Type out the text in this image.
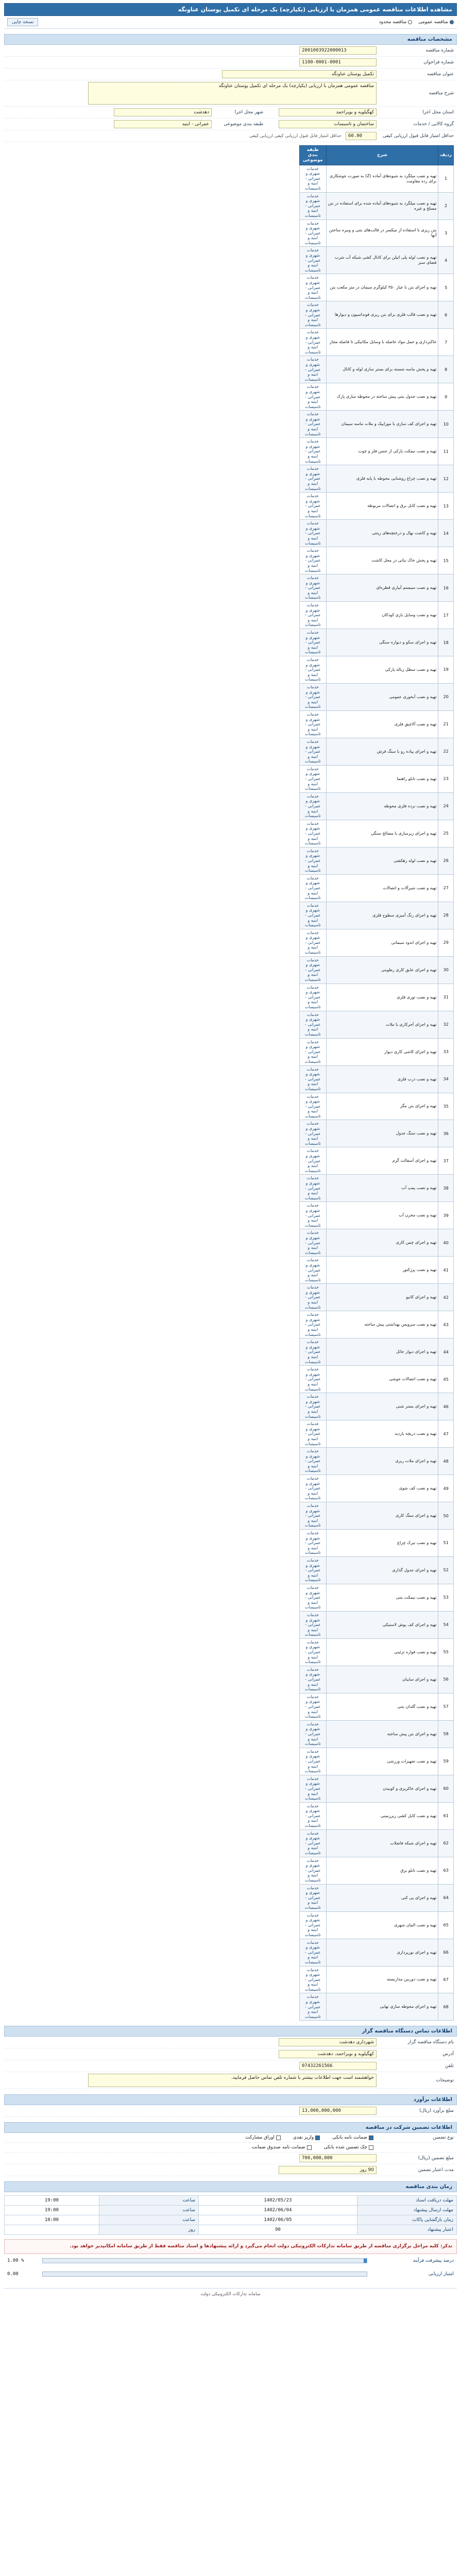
مشاهده اطلاعات مناقصه عمومی همزمان با ارزیابی (یکپارچه) یک مرحله ای تکمیل پوستان عناونگه
مناقصه عمومی
مناقصه محدود
نسخه چاپی
مشخصات مناقصه
شماره مناقصه
2001003922000013
شماره فراخوان
1100-0001-0001
عنوان مناقصه
تکمیل پوستان عناونگه
شرح مناقصه
مناقصه عمومی همزمان با ارزیابی (یکپارچه) یک مرحله ای تکمیل پوستان عناونگه
استان محل اجرا
کهگیلویه و بویراحمد
شهر محل اجرا
دهدشت
گروه کالایی / خدمات
ساختمان و تاسیسات
طبقه بندی موضوعی
عمرانی - ابنیه
حداقل امتیاز قابل قبول ارزیابی کیفی
60.00
حداقل امتیاز قابل قبول ارزیابی کیفی ارزیابی کیفی
ردیف	شرح	طبقه بندی موضوعی
1	تهیه و نصب میلگرد به شیوه‌های آماده (Z) به صورت جوشکاری برای رده مقاومت	خدمات شهری و عمرانی - ابنیه و تاسیسات
2	تهیه و نصب میلگرد به شیوه‌های آماده شده برای استفاده در بتن مسلح و غیره	خدمات شهری و عمرانی - ابنیه و تاسیسات
3	بتن ریزی با استفاده از میکسر در قالب‌های بتنی و ویبره ساختن آنها	خدمات شهری و عمرانی - ابنیه و تاسیسات
4	تهیه و نصب لوله پلی اتیلن برای کانال کشی شبکه آب شرب فضای سبز	خدمات شهری و عمرانی - ابنیه و تاسیسات
5	تهیه و اجرای بتن با عیار ۳۵۰ کیلوگرم سیمان در متر مکعب بتن	خدمات شهری و عمرانی - ابنیه و تاسیسات
6	تهیه و نصب قالب فلزی برای بتن ریزی فونداسیون و دیوارها	خدمات شهری و عمرانی - ابنیه و تاسیسات
7	خاکبرداری و حمل مواد حاصله با وسایل مکانیکی تا فاصله مجاز	خدمات شهری و عمرانی - ابنیه و تاسیسات
8	تهیه و پخش ماسه شسته برای بستر سازی لوله و کانال	خدمات شهری و عمرانی - ابنیه و تاسیسات
9	تهیه و نصب جدول بتنی پیش ساخته در محوطه سازی پارک	خدمات شهری و عمرانی - ابنیه و تاسیسات
10	تهیه و اجرای کف سازی با موزاییک و ملات ماسه سیمان	خدمات شهری و عمرانی - ابنیه و تاسیسات
11	تهیه و نصب نیمکت پارکی از جنس فلز و چوب	خدمات شهری و عمرانی - ابنیه و تاسیسات
12	تهیه و نصب چراغ روشنایی محوطه با پایه فلزی	خدمات شهری و عمرانی - ابنیه و تاسیسات
13	تهیه و نصب کابل برق و اتصالات مربوطه	خدمات شهری و عمرانی - ابنیه و تاسیسات
14	تهیه و کاشت نهال و درختچه‌های زینتی	خدمات شهری و عمرانی - ابنیه و تاسیسات
15	تهیه و پخش خاک نباتی در محل کاشت	خدمات شهری و عمرانی - ابنیه و تاسیسات
16	تهیه و نصب سیستم آبیاری قطره‌ای	خدمات شهری و عمرانی - ابنیه و تاسیسات
17	تهیه و نصب وسایل بازی کودکان	خدمات شهری و عمرانی - ابنیه و تاسیسات
18	تهیه و اجرای سکو و دیواره سنگی	خدمات شهری و عمرانی - ابنیه و تاسیسات
19	تهیه و نصب سطل زباله پارکی	خدمات شهری و عمرانی - ابنیه و تاسیسات
20	تهیه و نصب آبخوری عمومی	خدمات شهری و عمرانی - ابنیه و تاسیسات
21	تهیه و نصب آلاچیق فلزی	خدمات شهری و عمرانی - ابنیه و تاسیسات
22	تهیه و اجرای پیاده رو با سنگ فرش	خدمات شهری و عمرانی - ابنیه و تاسیسات
23	تهیه و نصب تابلو راهنما	خدمات شهری و عمرانی - ابنیه و تاسیسات
24	تهیه و نصب نرده فلزی محوطه	خدمات شهری و عمرانی - ابنیه و تاسیسات
25	تهیه و اجرای زیرسازی با مصالح سنگی	خدمات شهری و عمرانی - ابنیه و تاسیسات
26	تهیه و نصب لوله زهکشی	خدمات شهری و عمرانی - ابنیه و تاسیسات
27	تهیه و نصب شیرآلات و اتصالات	خدمات شهری و عمرانی - ابنیه و تاسیسات
28	تهیه و اجرای رنگ آمیزی سطوح فلزی	خدمات شهری و عمرانی - ابنیه و تاسیسات
29	تهیه و اجرای اندود سیمانی	خدمات شهری و عمرانی - ابنیه و تاسیسات
30	تهیه و اجرای عایق کاری رطوبتی	خدمات شهری و عمرانی - ابنیه و تاسیسات
31	تهیه و نصب توری فلزی	خدمات شهری و عمرانی - ابنیه و تاسیسات
32	تهیه و اجرای آجرکاری با ملات	خدمات شهری و عمرانی - ابنیه و تاسیسات
33	تهیه و اجرای کاشی کاری دیوار	خدمات شهری و عمرانی - ابنیه و تاسیسات
34	تهیه و نصب درب فلزی	خدمات شهری و عمرانی - ابنیه و تاسیسات
35	تهیه و اجرای بتن مگر	خدمات شهری و عمرانی - ابنیه و تاسیسات
36	تهیه و نصب سنگ جدول	خدمات شهری و عمرانی - ابنیه و تاسیسات
37	تهیه و اجرای آسفالت گرم	خدمات شهری و عمرانی - ابنیه و تاسیسات
38	تهیه و نصب پمپ آب	خدمات شهری و عمرانی - ابنیه و تاسیسات
39	تهیه و نصب مخزن آب	خدمات شهری و عمرانی - ابنیه و تاسیسات
40	تهیه و اجرای چمن کاری	خدمات شهری و عمرانی - ابنیه و تاسیسات
41	تهیه و نصب پرژکتور	خدمات شهری و عمرانی - ابنیه و تاسیسات
42	تهیه و اجرای کانیو	خدمات شهری و عمرانی - ابنیه و تاسیسات
43	تهیه و نصب سرویس بهداشتی پیش ساخته	خدمات شهری و عمرانی - ابنیه و تاسیسات
44	تهیه و اجرای دیوار حائل	خدمات شهری و عمرانی - ابنیه و تاسیسات
45	تهیه و نصب اتصالات جوشی	خدمات شهری و عمرانی - ابنیه و تاسیسات
46	تهیه و اجرای بستر شنی	خدمات شهری و عمرانی - ابنیه و تاسیسات
47	تهیه و نصب دریچه بازدید	خدمات شهری و عمرانی - ابنیه و تاسیسات
48	تهیه و اجرای ملات ریزی	خدمات شهری و عمرانی - ابنیه و تاسیسات
49	تهیه و نصب کف شوی	خدمات شهری و عمرانی - ابنیه و تاسیسات
50	تهیه و اجرای سنگ کاری	خدمات شهری و عمرانی - ابنیه و تاسیسات
51	تهیه و نصب تیرک چراغ	خدمات شهری و عمرانی - ابنیه و تاسیسات
52	تهیه و اجرای جدول گذاری	خدمات شهری و عمرانی - ابنیه و تاسیسات
53	تهیه و نصب نیمکت بتنی	خدمات شهری و عمرانی - ابنیه و تاسیسات
54	تهیه و اجرای کف پوش لاستیکی	خدمات شهری و عمرانی - ابنیه و تاسیسات
55	تهیه و نصب فواره تزئینی	خدمات شهری و عمرانی - ابنیه و تاسیسات
56	تهیه و اجرای سایبان	خدمات شهری و عمرانی - ابنیه و تاسیسات
57	تهیه و نصب گلدان بتنی	خدمات شهری و عمرانی - ابنیه و تاسیسات
58	تهیه و اجرای بتن پیش ساخته	خدمات شهری و عمرانی - ابنیه و تاسیسات
59	تهیه و نصب تجهیزات ورزشی	خدمات شهری و عمرانی - ابنیه و تاسیسات
60	تهیه و اجرای خاکریزی و کوبیدن	خدمات شهری و عمرانی - ابنیه و تاسیسات
61	تهیه و نصب کابل کشی زیرزمینی	خدمات شهری و عمرانی - ابنیه و تاسیسات
62	تهیه و اجرای شبکه فاضلاب	خدمات شهری و عمرانی - ابنیه و تاسیسات
63	تهیه و نصب تابلو برق	خدمات شهری و عمرانی - ابنیه و تاسیسات
64	تهیه و اجرای پی کنی	خدمات شهری و عمرانی - ابنیه و تاسیسات
65	تهیه و نصب المان شهری	خدمات شهری و عمرانی - ابنیه و تاسیسات
66	تهیه و اجرای نورپردازی	خدمات شهری و عمرانی - ابنیه و تاسیسات
67	تهیه و نصب دوربین مداربسته	خدمات شهری و عمرانی - ابنیه و تاسیسات
68	تهیه و اجرای محوطه سازی نهایی	خدمات شهری و عمرانی - ابنیه و تاسیسات
اطلاعات تماس دستگاه مناقصه گزار
نام دستگاه مناقصه گزار
شهرداری دهدشت
آدرس
کهگیلویه و بویراحمد، دهدشت
تلفن
07432261566
توضیحات
خواهشمند است جهت اطلاعات بیشتر با شماره تلفن تماس حاصل فرمایید.
اطلاعات برآورد
مبلغ برآورد (ریال)
13,000,000,000
اطلاعات تضمین شرکت در مناقصه
نوع تضمین
ضمانت نامه بانکی
واریز نقدی
اوراق مشارکت
چک تضمین شده بانکی
ضمانت نامه صندوق ضمانت
مبلغ تضمین (ریال)
700,000,000
مدت اعتبار تضمین
90 روز
زمان بندی مناقصه
مهلت دریافت اسناد	1402/05/23	ساعت	19:00
مهلت ارسال پیشنهاد	1402/06/04	ساعت	19:00
زمان بازگشایی پاکات	1402/06/05	ساعت	10:00
اعتبار پیشنهاد	90	روز	
تذکر: کلیه مراحل برگزاری مناقصه از طریق سامانه تدارکات الکترونیکی دولت انجام می‌گیرد و ارائه پیشنهادها و اسناد مناقصه فقط از طریق سامانه امکانپذیر خواهد بود.
درصد پیشرفت فرآیند
1.00 %
امتیاز ارزیابی
0.00
سامانه تدارکات الکترونیکی دولت
